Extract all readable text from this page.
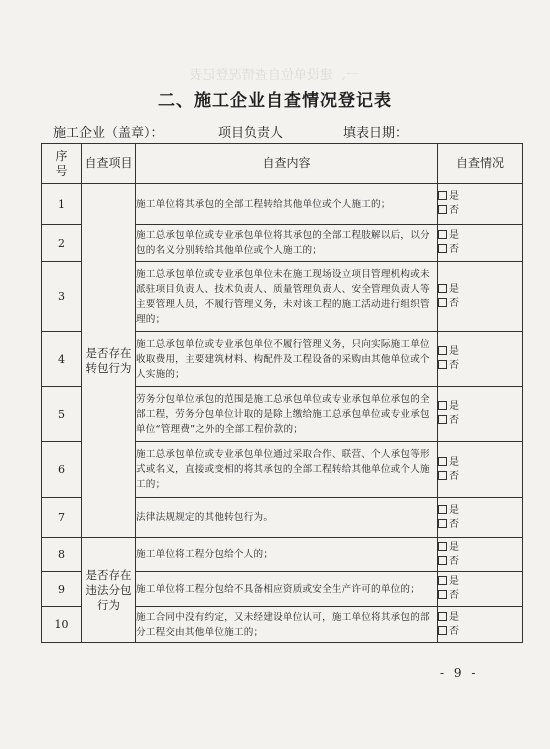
一、建设单位自查情况登记表
二、施工企业自查情况登记表
施工企业（盖章）：	项目负责人	填表日期：
序号	自查项目	自查内容	自查情况
1	是否存在转包行为	施工单位将其承包的全部工程转给其他单位或个人施工的；	是
否

2		施工总承包单位或专业承包单位将其承包的全部工程肢解以后，以分包的名义分别转给其他单位或个人施工的；	是
否

3		施工总承包单位或专业承包单位未在施工现场设立项目管理机构或未派驻项目负责人、技术负责人、质量管理负责人、安全管理负责人等主要管理人员，不履行管理义务，未对该工程的施工活动进行组织管理的；	是
否

4		施工总承包单位或专业承包单位不履行管理义务，只向实际施工单位收取费用，主要建筑材料、构配件及工程设备的采购由其他单位或个人实施的；	是
否

5		劳务分包单位承包的范围是施工总承包单位或专业承包单位承包的全部工程，劳务分包单位计取的是除上缴给施工总承包单位或专业承包单位“管理费”之外的全部工程价款的；	是
否

6		施工总承包单位或专业承包单位通过采取合作、联营、个人承包等形式或名义，直接或变相的将其承包的全部工程转给其他单位或个人施工的；	是
否

7		法律法规规定的其他转包行为。	是
否

8	是否存在违法分包行为	施工单位将工程分包给个人的；	是
否

9		施工单位将工程分包给不具备相应资质或安全生产许可的单位的；	是
否

10		施工合同中没有约定，又未经建设单位认可，施工单位将其承包的部分工程交由其他单位施工的；	是
否
- 9 -
